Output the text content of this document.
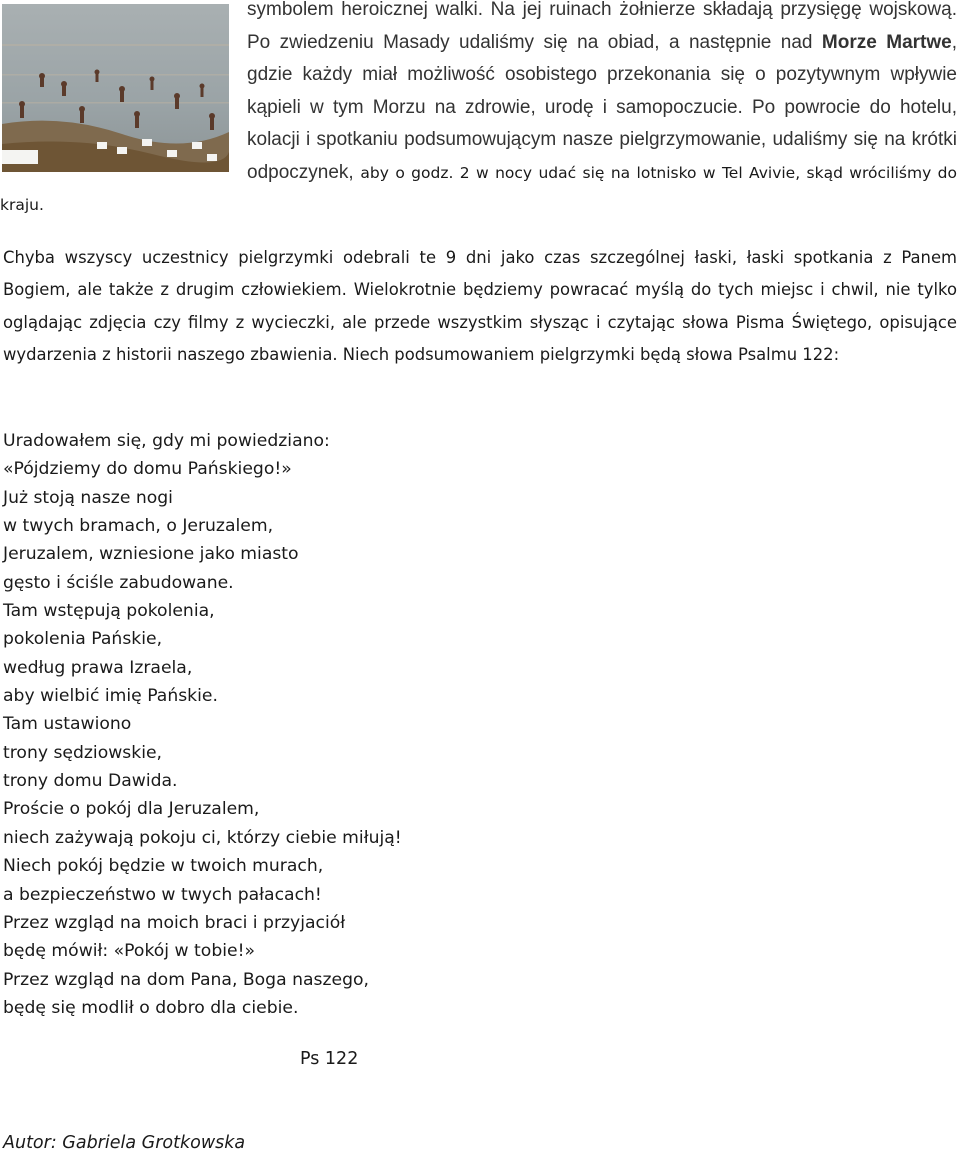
symbolem heroicznej walki. Na jej ruinach żołnierze składają przysięgę wojskową. Po zwiedzeniu Masady udaliśmy się na obiad, a następnie nad Morze Martwe, gdzie każdy miał możliwość osobistego przekonania się o pozytywnym wpływie kąpieli w tym Morzu na zdrowie, urodę i samopoczucie. Po powrocie do hotelu, kolacji i spotkaniu podsumowującym nasze pielgrzymowanie, udaliśmy się na krótki odpoczynek, aby o godz. 2 w nocy udać się na lotnisko w Tel Avivie, skąd wróciliśmy do kraju.

Chyba wszyscy uczestnicy pielgrzymki odebrali te 9 dni jako czas szczególnej łaski, łaski spotkania z Panem Bogiem, ale także z drugim człowiekiem. Wielokrotnie będziemy powracać myślą do tych miejsc i chwil, nie tylko oglądając zdjęcia czy filmy z wycieczki, ale przede wszystkim słysząc i czytając słowa Pisma Świętego, opisujące wydarzenia z historii naszego zbawienia. Niech podsumowaniem pielgrzymki będą słowa Psalmu 122:

Uradowałem się, gdy mi powiedziano:
«Pójdziemy do domu Pańskiego!»
Już stoją nasze nogi
w twych bramach, o Jeruzalem,
Jeruzalem, wzniesione jako miasto
gęsto i ściśle zabudowane.
Tam wstępują pokolenia,
pokolenia Pańskie,
według prawa Izraela,
aby wielbić imię Pańskie.
Tam ustawiono
trony sędziowskie,
trony domu Dawida.
Proście o pokój dla Jeruzalem,
niech zażywają pokoju ci, którzy ciebie miłują!
Niech pokój będzie w twoich murach,
a bezpieczeństwo w twych pałacach!
Przez wzgląd na moich braci i przyjaciół
będę mówił: «Pokój w tobie!»
Przez wzgląd na dom Pana, Boga naszego,
będę się modlił o dobro dla ciebie.
Ps 122
Autor: Gabriela Grotkowska
